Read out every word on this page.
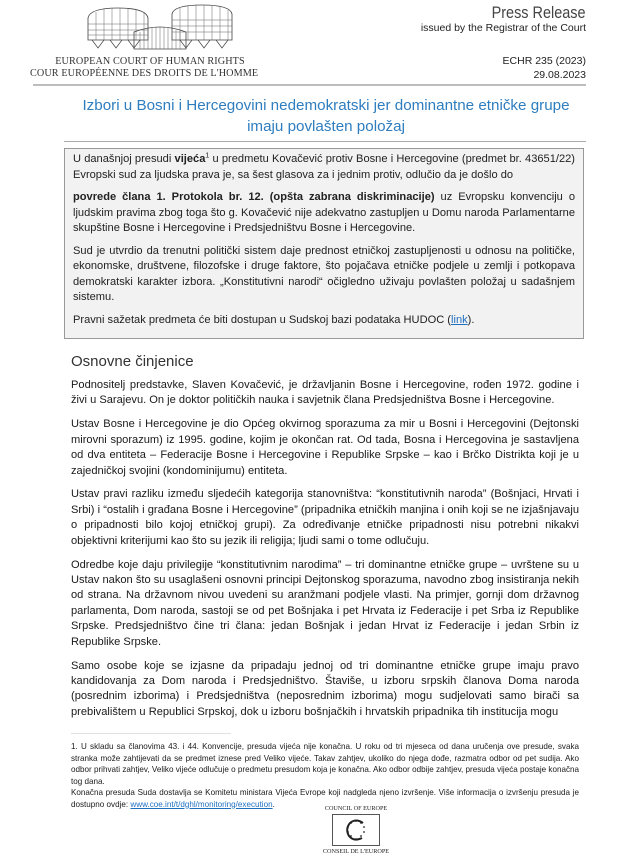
EUROPEAN COURT OF HUMAN RIGHTS
COUR EUROPÉENNE DES DROITS DE L'HOMME
Press Release
issued by the Registrar of the Court
ECHR 235 (2023)
29.08.2023
Izbori u Bosni i Hercegovini nedemokratski jer dominantne etničke grupe imaju povlašten položaj

U današnjoj presudi vijeća$^1$ u predmetu Kovačević protiv Bosne i Hercegovine (predmet br. 43651/22) Evropski sud za ljudska prava je, sa šest glasova za i jednim protiv, odlučio da je došlo do

povrede člana 1. Protokola br. 12. (opšta zabrana diskriminacije) uz Evropsku konvenciju o ljudskim pravima zbog toga što g. Kovačević nije adekvatno zastupljen u Domu naroda Parlamentarne skupštine Bosne i Hercegovine i Predsjedništvu Bosne i Hercegovine.

Sud je utvrdio da trenutni politički sistem daje prednost etničkoj zastupljenosti u odnosu na političke, ekonomske, društvene, filozofske i druge faktore, što pojačava etničke podjele u zemlji i potkopava demokratski karakter izbora. „Konstitutivni narodi“ očigledno uživaju povlašten položaj u sadašnjem sistemu.

Pravni sažetak predmeta će biti dostupan u Sudskoj bazi podataka HUDOC (link).

Osnovne činjenice

Podnositelj predstavke, Slaven Kovačević, je državljanin Bosne i Hercegovine, rođen 1972. godine i živi u Sarajevu. On je doktor političkih nauka i savjetnik člana Predsjedništva Bosne i Hercegovine.

Ustav Bosne i Hercegovine je dio Općeg okvirnog sporazuma za mir u Bosni i Hercegovini (Dejtonski mirovni sporazum) iz 1995. godine, kojim je okončan rat. Od tada, Bosna i Hercegovina je sastavljena od dva entiteta – Federacije Bosne i Hercegovine i Republike Srpske – kao i Brčko Distrikta koji je u zajedničkoj svojini (kondominijumu) entiteta.

Ustav pravi razliku između sljedećih kategorija stanovništva: “konstitutivnih naroda” (Bošnjaci, Hrvati i Srbi) i “ostalih i građana Bosne i Hercegovine” (pripadnika etničkih manjina i onih koji se ne izjašnjavaju o pripadnosti bilo kojoj etničkoj grupi). Za određivanje etničke pripadnosti nisu potrebni nikakvi objektivni kriterijumi kao što su jezik ili religija; ljudi sami o tome odlučuju.

Odredbe koje daju privilegije “konstitutivnim narodima” – tri dominantne etničke grupe – uvrštene su u Ustav nakon što su usaglašeni osnovni principi Dejtonskog sporazuma, navodno zbog insistiranja nekih od strana. Na državnom nivou uvedeni su aranžmani podjele vlasti. Na primjer, gornji dom državnog parlamenta, Dom naroda, sastoji se od pet Bošnjaka i pet Hrvata iz Federacije i pet Srba iz Republike Srpske. Predsjedništvo čine tri člana: jedan Bošnjak i jedan Hrvat iz Federacije i jedan Srbin iz Republike Srpske.

Samo osobe koje se izjasne da pripadaju jednoj od tri dominantne etničke grupe imaju pravo kandidovanja za Dom naroda i Predsjedništvo. Štaviše, u izboru srpskih članova Doma naroda (posrednim izborima) i Predsjedništva (neposrednim izborima) mogu sudjelovati samo birači sa prebivalištem u Republici Srpskoj, dok u izboru bošnjačkih i hrvatskih pripadnika tih institucija mogu

1. U skladu sa članovima 43. i 44. Konvencije, presuda vijeća nije konačna. U roku od tri mjeseca od dana uručenja ove presude, svaka stranka može zahtijevati da se predmet iznese pred Veliko vijeće. Takav zahtjev, ukoliko do njega dođe, razmatra odbor od pet sudija. Ako odbor prihvati zahtjev, Veliko vijeće odlučuje o predmetu presudom koja je konačna. Ako odbor odbije zahtjev, presuda vijeća postaje konačna tog dana.

Konačna presuda Suda dostavlja se Komitetu ministara Vijeća Evrope koji nadgleda njeno izvršenje. Više informacija o izvršenju presuda je dostupno ovdje: www.coe.int/t/dghl/monitoring/execution.	COUNCIL OF EUROPE
CONSEIL DE L'EUROPE
